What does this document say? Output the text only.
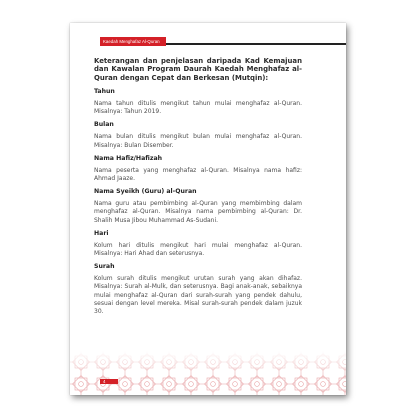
Kaedah Menghafaz Al-Quran

Keterangan dan penjelasan daripada Kad Kemajuan dan Kawalan Program Daurah Kaedah Menghafaz al-Quran dengan Cepat dan Berkesan (Mutqin):

Tahun

Nama tahun ditulis mengikut tahun mulai menghafaz al-Quran. Misalnya: Tahun 2019.

Bulan

Nama bulan ditulis mengikut bulan mulai menghafaz al-Quran. Misalnya: Bulan Disember.

Nama Hafiz/Hafizah

Nama peserta yang menghafaz al-Quran. Misalnya nama hafiz: Ahmad Jaaze.

Nama Syeikh (Guru) al-Quran

Nama guru atau pembimbing al-Quran yang membimbing dalam menghafaz al-Quran. Misalnya nama pembimbing al-Quran: Dr. Shalih Musa Jibou Muhammad As-Sudani.

Hari

Kolum hari ditulis mengikut hari mulai menghafaz al-Quran. Misalnya: Hari Ahad dan seterusnya.

Surah

Kolum surah ditulis mengikut urutan surah yang akan dihafaz. Misalnya: Surah al-Mulk, dan seterusnya. Bagi anak-anak, sebaiknya mulai menghafaz al-Quran dari surah-surah yang pendek dahulu, sesuai dengan level mereka. Misal surah-surah pendek dalam juzuk 30.

4
